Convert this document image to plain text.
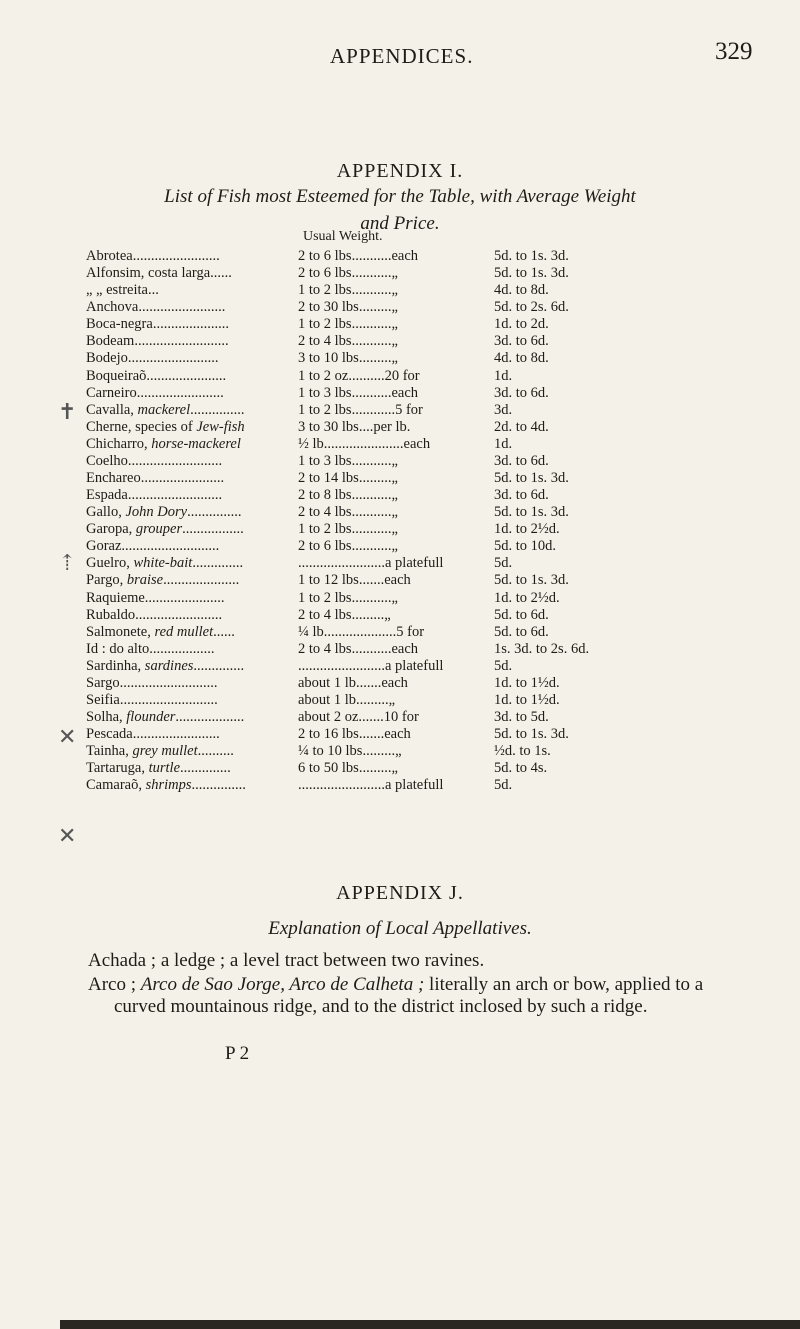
APPENDICES.	329
APPENDIX I.
List of Fish most Esteemed for the Table, with Average Weight
and Price.
Usual Weight.
✝
⇡
✕
✕
Abrotea........................	2 to 6 lbs...........each	5d. to 1s. 3d.
Alfonsim, costa larga......	2 to 6 lbs...........„	5d. to 1s. 3d.
„ „ estreita...	1 to 2 lbs...........„	4d. to 8d.
Anchova........................	2 to 30 lbs.........„	5d. to 2s. 6d.
Boca-negra.....................	1 to 2 lbs...........„	1d. to 2d.
Bodeam..........................	2 to 4 lbs...........„	3d. to 6d.
Bodejo.........................	3 to 10 lbs.........„	4d. to 8d.
Boqueiraõ......................	1 to 2 oz..........20 for	1d.
Carneiro........................	1 to 3 lbs...........each	3d. to 6d.
Cavalla, mackerel...............	1 to 2 lbs............5 for	3d.
Cherne, species of Jew-fish	3 to 30 lbs....per lb.	2d. to 4d.
Chicharro, horse-mackerel	½ lb......................each	1d.
Coelho..........................	1 to 3 lbs...........„	3d. to 6d.
Enchareo.......................	2 to 14 lbs.........„	5d. to 1s. 3d.
Espada..........................	2 to 8 lbs...........„	3d. to 6d.
Gallo, John Dory...............	2 to 4 lbs...........„	5d. to 1s. 3d.
Garopa, grouper.................	1 to 2 lbs...........„	1d. to 2½d.
Goraz...........................	2 to 6 lbs...........„	5d. to 10d.
Guelro, white-bait..............	........................a platefull	5d.
Pargo, braise.....................	1 to 12 lbs.......each	5d. to 1s. 3d.
Raquieme......................	1 to 2 lbs...........„	1d. to 2½d.
Rubaldo........................	2 to 4 lbs.........„	5d. to 6d.
Salmonete, red mullet......	¼ lb....................5 for	5d. to 6d.
Id : do alto..................	2 to 4 lbs...........each	1s. 3d. to 2s. 6d.
Sardinha, sardines..............	........................a platefull	5d.
Sargo...........................	about 1 lb.......each	1d. to 1½d.
Seifia...........................	about 1 lb.........„	1d. to 1½d.
Solha, flounder...................	about 2 oz.......10 for	3d. to 5d.
Pescada........................	2 to 16 lbs.......each	5d. to 1s. 3d.
Tainha, grey mullet..........	¼ to 10 lbs.........„	½d. to 1s.
Tartaruga, turtle..............	6 to 50 lbs.........„	5d. to 4s.
Camaraõ, shrimps...............	........................a platefull	5d.
APPENDIX J.
Explanation of Local Appellatives.

Achada ; a ledge ; a level tract between two ravines.

Arco ; Arco de Sao Jorge, Arco de Calheta ; literally an arch or bow, applied to a curved mountainous ridge, and to the district inclosed by such a ridge.

P 2
